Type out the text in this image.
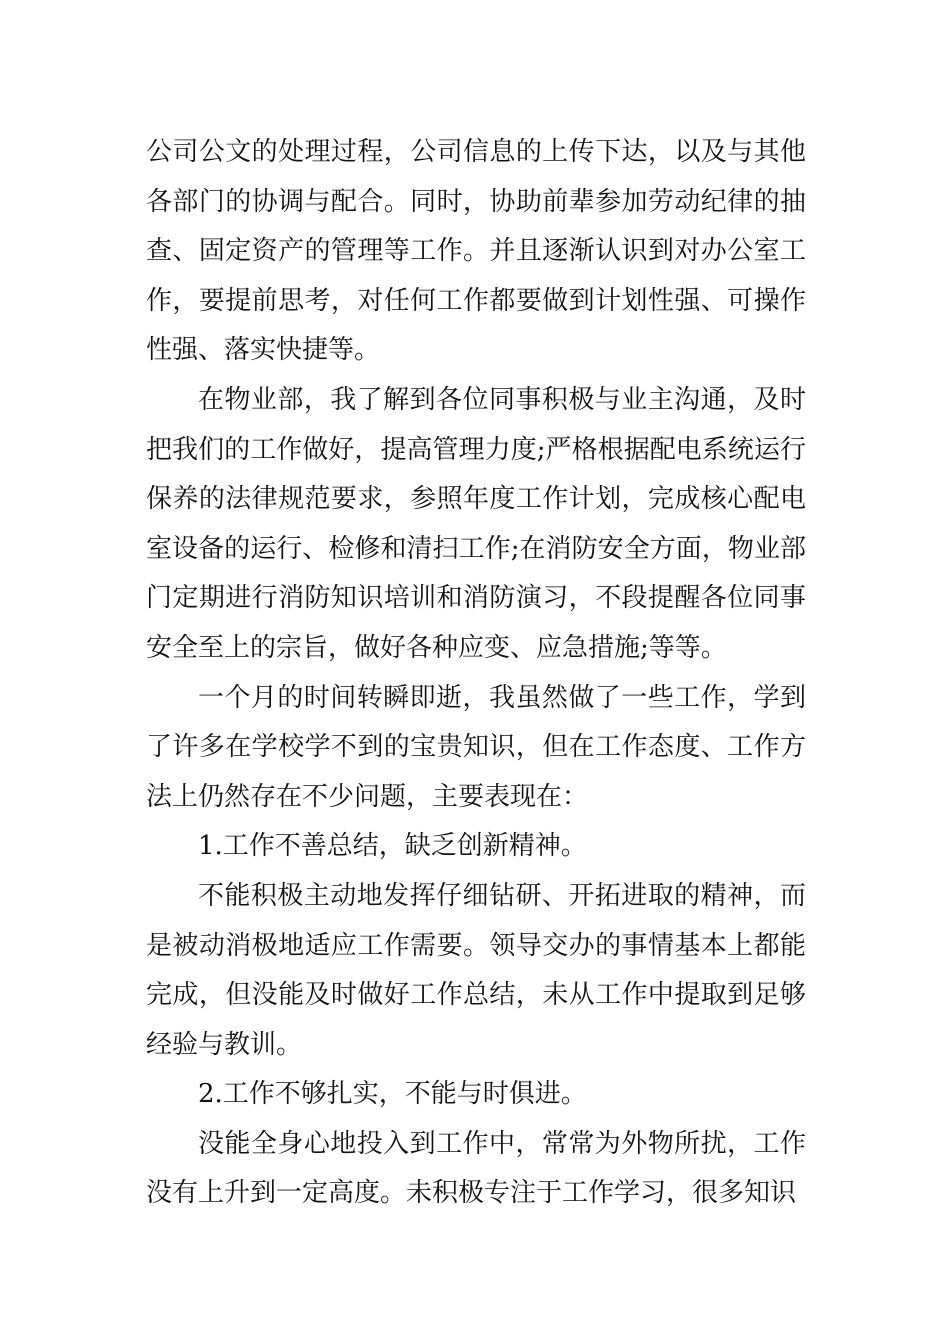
公司公文的处理过程，公司信息的上传下达，以及与其他各部门的协调与配合。同时，协助前辈参加劳动纪律的抽查、固定资产的管理等工作。并且逐渐认识到对办公室工作，要提前思考，对任何工作都要做到计划性强、可操作性强、落实快捷等。

在物业部，我了解到各位同事积极与业主沟通，及时把我们的工作做好，提高管理力度;严格根据配电系统运行保养的法律规范要求，参照年度工作计划，完成核心配电室设备的运行、检修和清扫工作;在消防安全方面，物业部门定期进行消防知识培训和消防演习，不段提醒各位同事安全至上的宗旨，做好各种应变、应急措施;等等。

一个月的时间转瞬即逝，我虽然做了一些工作，学到了许多在学校学不到的宝贵知识，但在工作态度、工作方法上仍然存在不少问题，主要表现在：

1.工作不善总结，缺乏创新精神。

不能积极主动地发挥仔细钻研、开拓进取的精神，而是被动消极地适应工作需要。领导交办的事情基本上都能完成，但没能及时做好工作总结，未从工作中提取到足够经验与教训。

2.工作不够扎实，不能与时俱进。

没能全身心地投入到工作中，常常为外物所扰，工作没有上升到一定高度。未积极专注于工作学习，很多知识
